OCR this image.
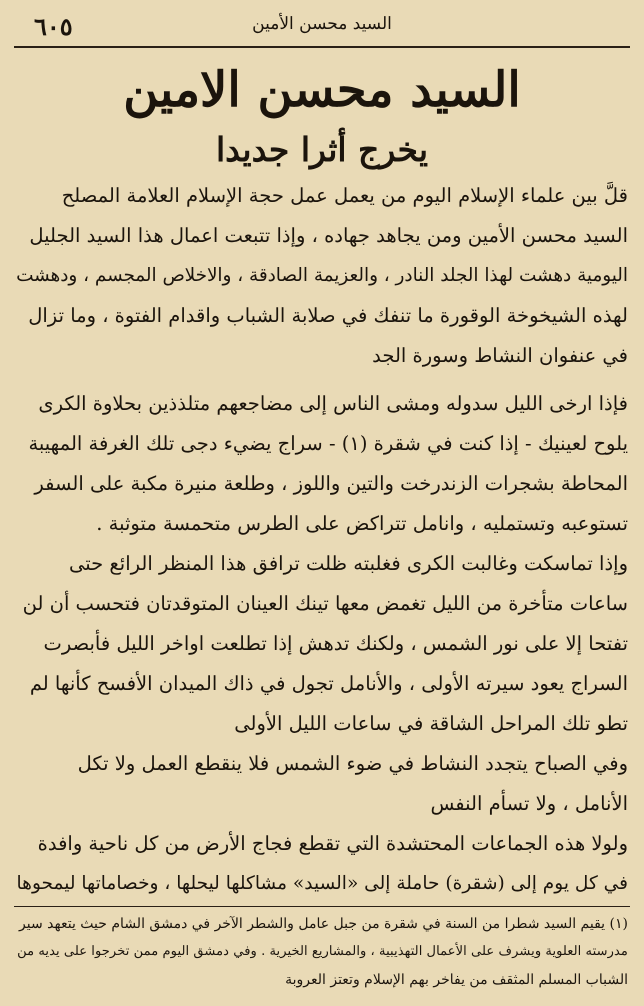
٦٠٥	السيد محسن الأمين
السيد محسن الامين
يخرج أثرا جديدا
قلَّ بين علماء الإسلام اليوم من يعمل عمل حجة الإسلام العلامة المصلح
السيد محسن الأمين ومن يجاهد جهاده ، وإذا تتبعت اعمال هذا السيد الجليل
اليومية دهشت لهذا الجلد النادر ، والعزيمة الصادقة ، والاخلاص المجسم ، ودهشت
لهذه الشيخوخة الوقورة ما تنفك في صلابة الشباب واقدام الفتوة ، وما تزال
في عنفوان النشاط وسورة الجد
فإذا ارخى الليل سدوله ومشى الناس إلى مضاجعهم متلذذين بحلاوة الكرى
يلوح لعينيك - إذا كنت في شقرة (١) - سراج يضيء دجى تلك الغرفة المهيبة
المحاطة بشجرات الزندرخت والتين واللوز ، وطلعة منيرة مكبة على السفر
تستوعبه وتستمليه ، وانامل تتراكض على الطرس متحمسة متوثبة .
وإذا تماسكت وغالبت الكرى فغلبته ظلت ترافق هذا المنظر الرائع حتى
ساعات متأخرة من الليل تغمض معها تينك العينان المتوقدتان فتحسب أن لن
تفتحا إلا على نور الشمس ، ولكنك تدهش إذا تطلعت اواخر الليل فأبصرت
السراج يعود سيرته الأولى ، والأنامل تجول في ذاك الميدان الأفسح كأنها لم
تطو تلك المراحل الشاقة في ساعات الليل الأولى
وفي الصباح يتجدد النشاط في ضوء الشمس فلا ينقطع العمل ولا تكل
الأنامل ، ولا تسأم النفس
ولولا هذه الجماعات المحتشدة التي تقطع فجاج الأرض من كل ناحية وافدة
في كل يوم إلى (شقرة) حاملة إلى «السيد» مشاكلها ليحلها ، وخصاماتها ليمحوها
(١) يقيم السيد شطرا من السنة في شقرة من جبل عامل والشطر الآخر في دمشق الشام حيث يتعهد سير
مدرسته العلوية ويشرف على الأعمال التهذيبية ، والمشاريع الخيرية . وفي دمشق اليوم ممن تخرجوا على يديه من
الشباب المسلم المثقف من يفاخر بهم الإسلام وتعتز العروبة
